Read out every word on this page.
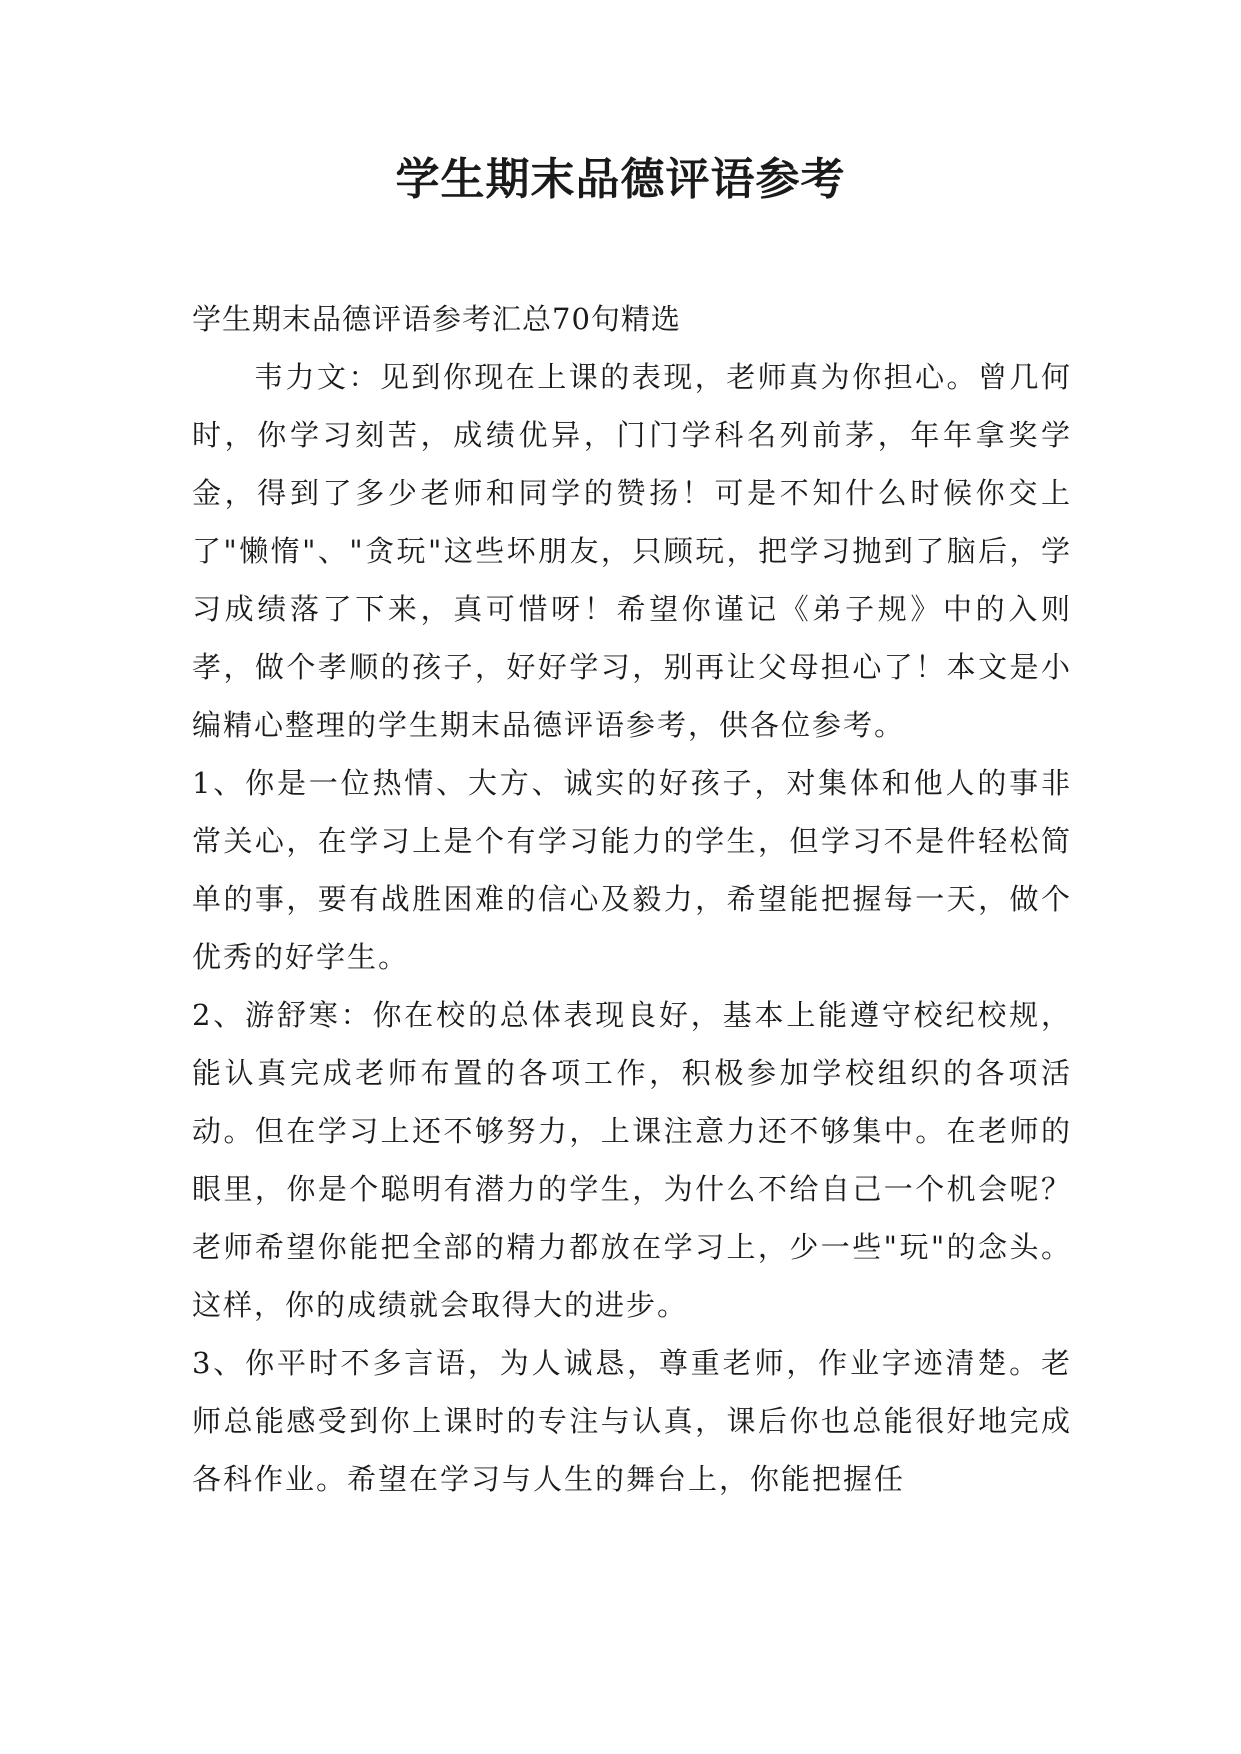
学生期末品德评语参考

学生期末品德评语参考汇总70句精选

韦力文：见到你现在上课的表现，老师真为你担心。曾几何时，你学习刻苦，成绩优异，门门学科名列前茅，年年拿奖学金，得到了多少老师和同学的赞扬！可是不知什么时候你交上了"懒惰"、"贪玩"这些坏朋友，只顾玩，把学习抛到了脑后，学习成绩落了下来，真可惜呀！希望你谨记《弟子规》中的入则孝，做个孝顺的孩子，好好学习，别再让父母担心了！本文是小编精心整理的学生期末品德评语参考，供各位参考。

1、你是一位热情、大方、诚实的好孩子，对集体和他人的事非常关心，在学习上是个有学习能力的学生，但学习不是件轻松简单的事，要有战胜困难的信心及毅力，希望能把握每一天，做个优秀的好学生。

2、游舒寒：你在校的总体表现良好，基本上能遵守校纪校规，能认真完成老师布置的各项工作，积极参加学校组织的各项活动。但在学习上还不够努力，上课注意力还不够集中。在老师的眼里，你是个聪明有潜力的学生，为什么不给自己一个机会呢？老师希望你能把全部的精力都放在学习上，少一些"玩"的念头。这样，你的成绩就会取得大的进步。

3、你平时不多言语，为人诚恳，尊重老师，作业字迹清楚。老师总能感受到你上课时的专注与认真，课后你也总能很好地完成各科作业。希望在学习与人生的舞台上，你能把握任
